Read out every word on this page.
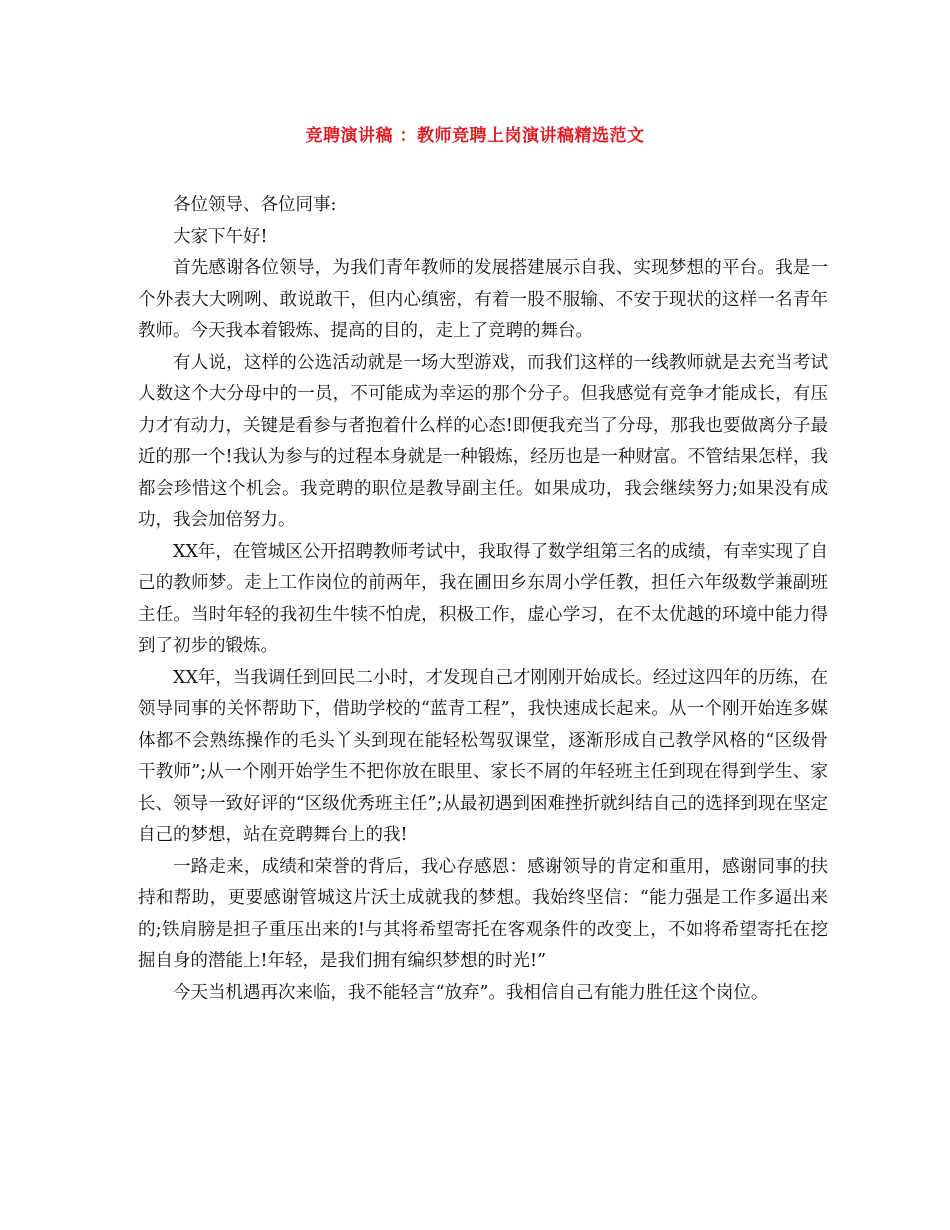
竞聘演讲稿 ：教师竞聘上岗演讲稿精选范文

各位领导、各位同事:

大家下午好!

首先感谢各位领导，为我们青年教师的发展搭建展示自我、实现梦想的平台。我是一个外表大大咧咧、敢说敢干，但内心缜密，有着一股不服输、不安于现状的这样一名青年教师。今天我本着锻炼、提高的目的，走上了竞聘的舞台。

有人说，这样的公选活动就是一场大型游戏，而我们这样的一线教师就是去充当考试人数这个大分母中的一员，不可能成为幸运的那个分子。但我感觉有竞争才能成长，有压力才有动力，关键是看参与者抱着什么样的心态!即便我充当了分母，那我也要做离分子最近的那一个!我认为参与的过程本身就是一种锻炼，经历也是一种财富。不管结果怎样，我都会珍惜这个机会。我竞聘的职位是教导副主任。如果成功，我会继续努力;如果没有成功，我会加倍努力。

XX年，在管城区公开招聘教师考试中，我取得了数学组第三名的成绩，有幸实现了自己的教师梦。走上工作岗位的前两年，我在圃田乡东周小学任教，担任六年级数学兼副班主任。当时年轻的我初生牛犊不怕虎，积极工作，虚心学习，在不太优越的环境中能力得到了初步的锻炼。

XX年，当我调任到回民二小时，才发现自己才刚刚开始成长。经过这四年的历练，在领导同事的关怀帮助下，借助学校的“蓝青工程”，我快速成长起来。从一个刚开始连多媒体都不会熟练操作的毛头丫头到现在能轻松驾驭课堂，逐渐形成自己教学风格的“区级骨干教师”;从一个刚开始学生不把你放在眼里、家长不屑的年轻班主任到现在得到学生、家长、领导一致好评的“区级优秀班主任”;从最初遇到困难挫折就纠结自己的选择到现在坚定自己的梦想，站在竞聘舞台上的我!

一路走来，成绩和荣誉的背后，我心存感恩：感谢领导的肯定和重用，感谢同事的扶持和帮助，更要感谢管城这片沃土成就我的梦想。我始终坚信：“能力强是工作多逼出来的;铁肩膀是担子重压出来的!与其将希望寄托在客观条件的改变上，不如将希望寄托在挖掘自身的潜能上!年轻，是我们拥有编织梦想的时光!”

今天当机遇再次来临，我不能轻言“放弃”。我相信自己有能力胜任这个岗位。
